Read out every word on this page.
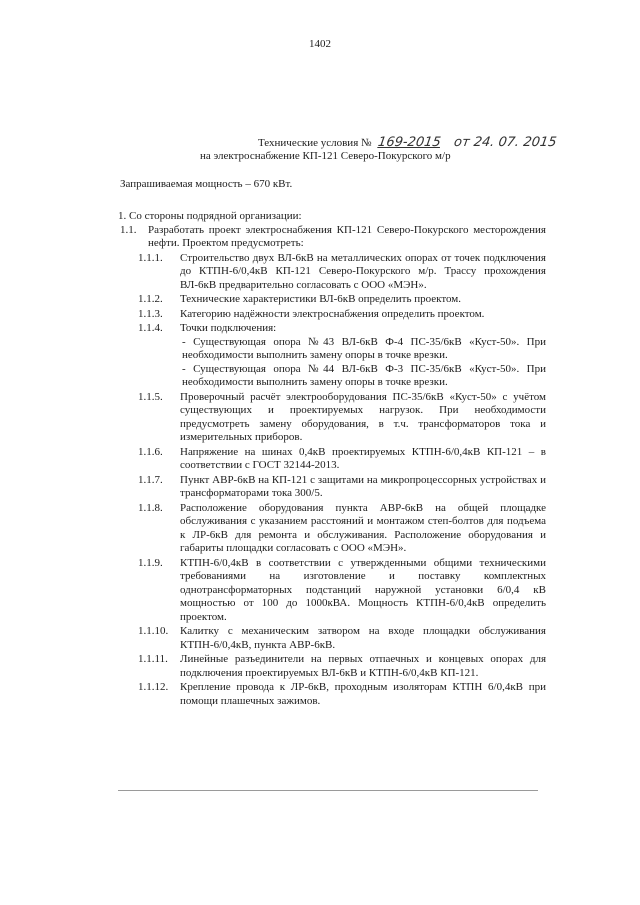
1402
Технические условия № 169-2015 от 24. 07. 2015
на электроснабжение КП-121 Северо-Покурского м/р
Запрашиваемая мощность – 670 кВт.
1. Со стороны подрядной организации:
1.1.	Разработать проект электроснабжения КП-121 Северо-Покурского месторождения нефти. Проектом предусмотреть:
1.1.1.	Строительство двух ВЛ-6кВ на металлических опорах от точек подключения до КТПН-6/0,4кВ КП-121 Северо-Покурского м/р. Трассу прохождения ВЛ-6кВ предварительно согласовать с ООО «МЭН».
1.1.2.	Технические характеристики ВЛ-6кВ определить проектом.
1.1.3.	Категорию надёжности электроснабжения определить проектом.
1.1.4.	Точки подключения:
- Существующая опора №43 ВЛ-6кВ Ф-4 ПС-35/6кВ «Куст-50». При необходимости выполнить замену опоры в точке врезки.
- Существующая опора №44 ВЛ-6кВ Ф-3 ПС-35/6кВ «Куст-50». При необходимости выполнить замену опоры в точке врезки.
1.1.5.	Проверочный расчёт электрооборудования ПС-35/6кВ «Куст-50» с учётом существующих и проектируемых нагрузок. При необходимости предусмотреть замену оборудования, в т.ч. трансформаторов тока и измерительных приборов.
1.1.6.	Напряжение на шинах 0,4кВ проектируемых КТПН-6/0,4кВ КП-121 – в соответствии с ГОСТ 32144-2013.
1.1.7.	Пункт АВР-6кВ на КП-121 с защитами на микропроцессорных устройствах и трансформаторами тока 300/5.
1.1.8.	Расположение оборудования пункта АВР-6кВ на общей площадке обслуживания с указанием расстояний и монтажом степ-болтов для подъема к ЛР-6кВ для ремонта и обслуживания. Расположение оборудования и габариты площадки согласовать с ООО «МЭН».
1.1.9.	КТПН-6/0,4кВ в соответствии с утвержденными общими техническими требованиями на изготовление и поставку комплектных однотрансформаторных подстанций наружной установки 6/0,4 кВ мощностью от 100 до 1000кВА. Мощность КТПН-6/0,4кВ определить проектом.
1.1.10.	Калитку с механическим затвором на входе площадки обслуживания КТПН-6/0,4кВ, пункта АВР-6кВ.
1.1.11.	Линейные разъединители на первых отпаечных и концевых опорах для подключения проектируемых ВЛ-6кВ и КТПН-6/0,4кВ КП-121.
1.1.12.	Крепление провода к ЛР-6кВ, проходным изоляторам КТПН 6/0,4кВ при помощи плашечных зажимов.
